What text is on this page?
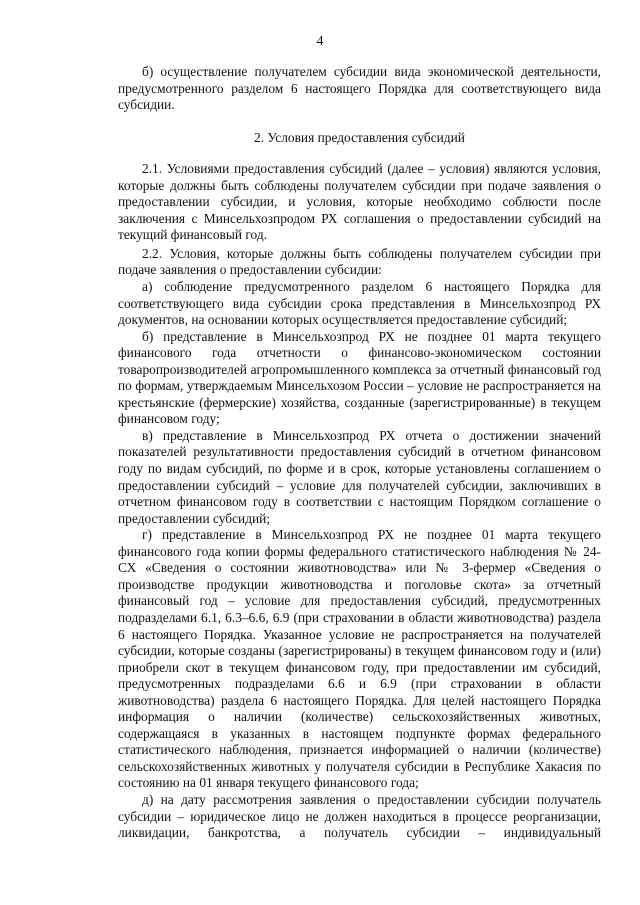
4

б) осуществление получателем субсидии вида экономической деятельности, предусмотренного разделом 6 настоящего Порядка для соответствующего вида субсидии.

2. Условия предоставления субсидий

2.1. Условиями предоставления субсидий (далее – условия) являются условия, которые должны быть соблюдены получателем субсидии при подаче заявления о предоставлении субсидии, и условия, которые необходимо соблюсти после заключения с Минсельхозпродом РХ соглашения о предоставлении субсидий на текущий финансовый год.

2.2. Условия, которые должны быть соблюдены получателем субсидии при подаче заявления о предоставлении субсидии:

а) соблюдение предусмотренного разделом 6 настоящего Порядка для соответствующего вида субсидии срока представления в Минсельхозпрод РХ документов, на основании которых осуществляется предоставление субсидий;

б) представление в Минсельхозпрод РХ не позднее 01 марта текущего финансового года отчетности о финансово-экономическом состоянии товаропроизводителей агропромышленного комплекса за отчетный финансовый год по формам, утверждаемым Минсельхозом России – условие не распространяется на крестьянские (фермерские) хозяйства, созданные (зарегистрированные) в текущем финансовом году;

в) представление в Минсельхозпрод РХ отчета о достижении значений показателей результативности предоставления субсидий в отчетном финансовом году по видам субсидий, по форме и в срок, которые установлены соглашением о предоставлении субсидий – условие для получателей субсидии, заключивших в отчетном финансовом году в соответствии с настоящим Порядком соглашение о предоставлении субсидий;

г) представление в Минсельхозпрод РХ не позднее 01 марта текущего финансового года копии формы федерального статистического наблюдения № 24-СХ «Сведения о состоянии животноводства» или № 3-фермер «Сведения о производстве продукции животноводства и поголовье скота» за отчетный финансовый год – условие для предоставления субсидий, предусмотренных подразделами 6.1, 6.3–6.6, 6.9 (при страховании в области животноводства) раздела 6 настоящего Порядка. Указанное условие не распространяется на получателей субсидии, которые созданы (зарегистрированы) в текущем финансовом году и (или) приобрели скот в текущем финансовом году, при предоставлении им субсидий, предусмотренных подразделами 6.6 и 6.9 (при страховании в области животноводства) раздела 6 настоящего Порядка. Для целей настоящего Порядка информация о наличии (количестве) сельскохозяйственных животных, содержащаяся в указанных в настоящем подпункте формах федерального статистического наблюдения, признается информацией о наличии (количестве) сельскохозяйственных животных у получателя субсидии в Республике Хакасия по состоянию на 01 января текущего финансового года;

д) на дату рассмотрения заявления о предоставлении субсидии получатель субсидии – юридическое лицо не должен находиться в процессе реорганизации, ликвидации, банкротства, а получатель субсидии – индивидуальный
